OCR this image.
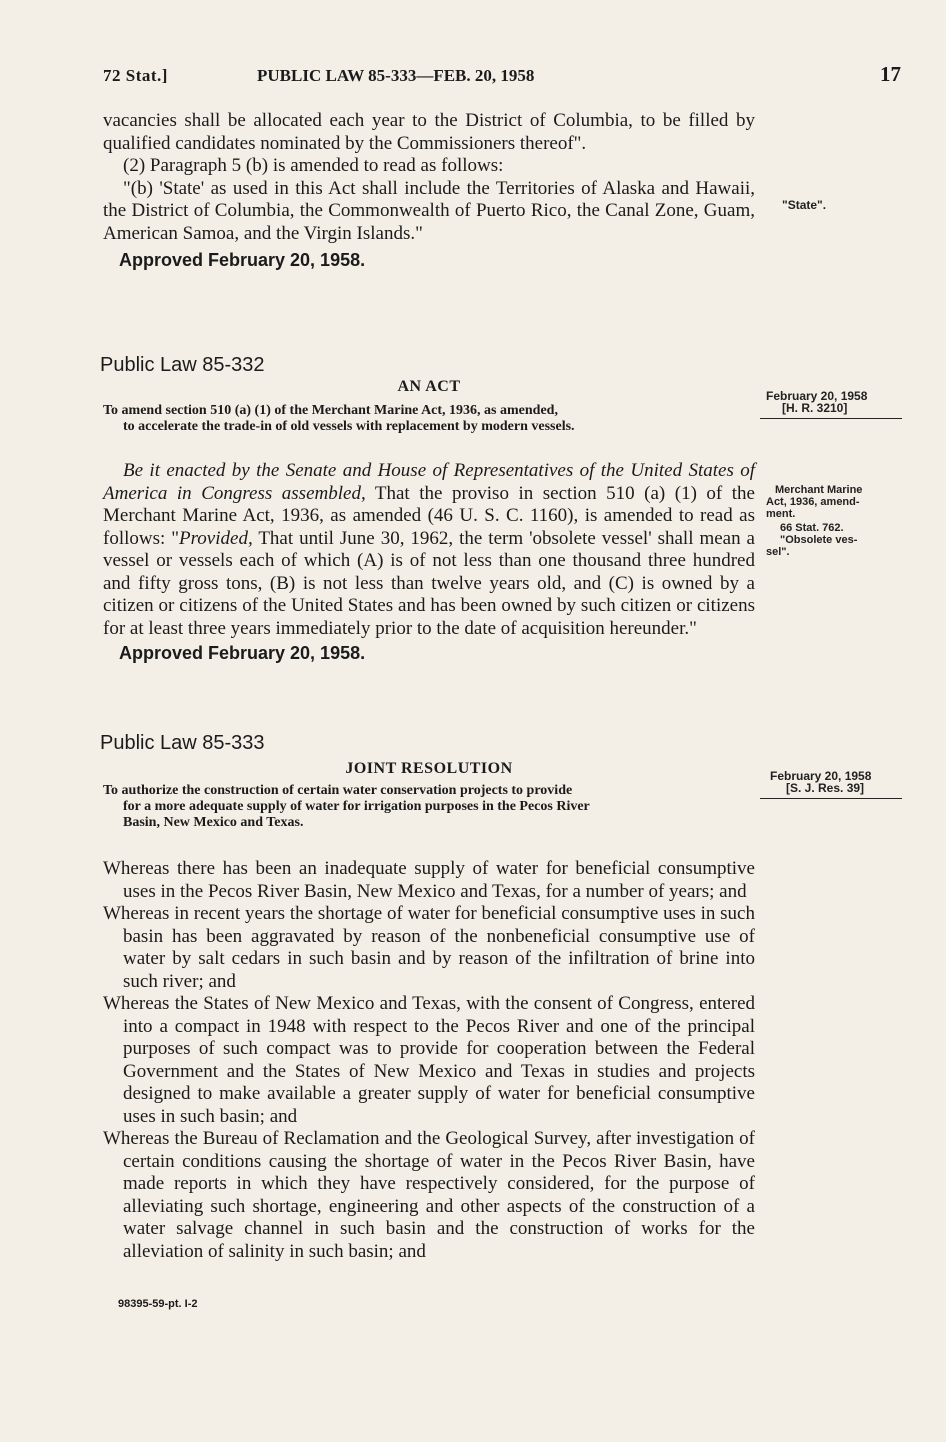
72 Stat.]	PUBLIC LAW 85-333—FEB. 20, 1958	17

vacancies shall be allocated each year to the District of Columbia, to be filled by qualified candidates nominated by the Commissioners thereof".

(2) Paragraph 5 (b) is amended to read as follows:

"(b) 'State' as used in this Act shall include the Territories of Alaska and Hawaii, the District of Columbia, the Commonwealth of Puerto Rico, the Canal Zone, Guam, American Samoa, and the Virgin Islands."

Approved February 20, 1958.

"State".
Public Law 85-332
AN ACT
To amend section 510 (a) (1) of the Merchant Marine Act, 1936, as amended,
to accelerate the trade-in of old vessels with replacement by modern vessels.
February 20, 1958
[H. R. 3210]

Be it enacted by the Senate and House of Representatives of the United States of America in Congress assembled, That the proviso in section 510 (a) (1) of the Merchant Marine Act, 1936, as amended (46 U. S. C. 1160), is amended to read as follows: "Provided, That until June 30, 1962, the term 'obsolete vessel' shall mean a vessel or vessels each of which (A) is of not less than one thousand three hundred and fifty gross tons, (B) is not less than twelve years old, and (C) is owned by a citizen or citizens of the United States and has been owned by such citizen or citizens for at least three years immediately prior to the date of acquisition hereunder."

Approved February 20, 1958.

Merchant Marine
Act, 1936, amend-
ment.
66 Stat. 762.
"Obsolete ves-
sel".
Public Law 85-333
JOINT RESOLUTION
To authorize the construction of certain water conservation projects to provide
for a more adequate supply of water for irrigation purposes in the Pecos River
Basin, New Mexico and Texas.
February 20, 1958
[S. J. Res. 39]

Whereas there has been an inadequate supply of water for beneficial consumptive uses in the Pecos River Basin, New Mexico and Texas, for a number of years; and

Whereas in recent years the shortage of water for beneficial consumptive uses in such basin has been aggravated by reason of the nonbeneficial consumptive use of water by salt cedars in such basin and by reason of the infiltration of brine into such river; and

Whereas the States of New Mexico and Texas, with the consent of Congress, entered into a compact in 1948 with respect to the Pecos River and one of the principal purposes of such compact was to provide for cooperation between the Federal Government and the States of New Mexico and Texas in studies and projects designed to make available a greater supply of water for beneficial consumptive uses in such basin; and

Whereas the Bureau of Reclamation and the Geological Survey, after investigation of certain conditions causing the shortage of water in the Pecos River Basin, have made reports in which they have respectively considered, for the purpose of alleviating such shortage, engineering and other aspects of the construction of a water salvage channel in such basin and the construction of works for the alleviation of salinity in such basin; and

98395-59-pt. I-2
